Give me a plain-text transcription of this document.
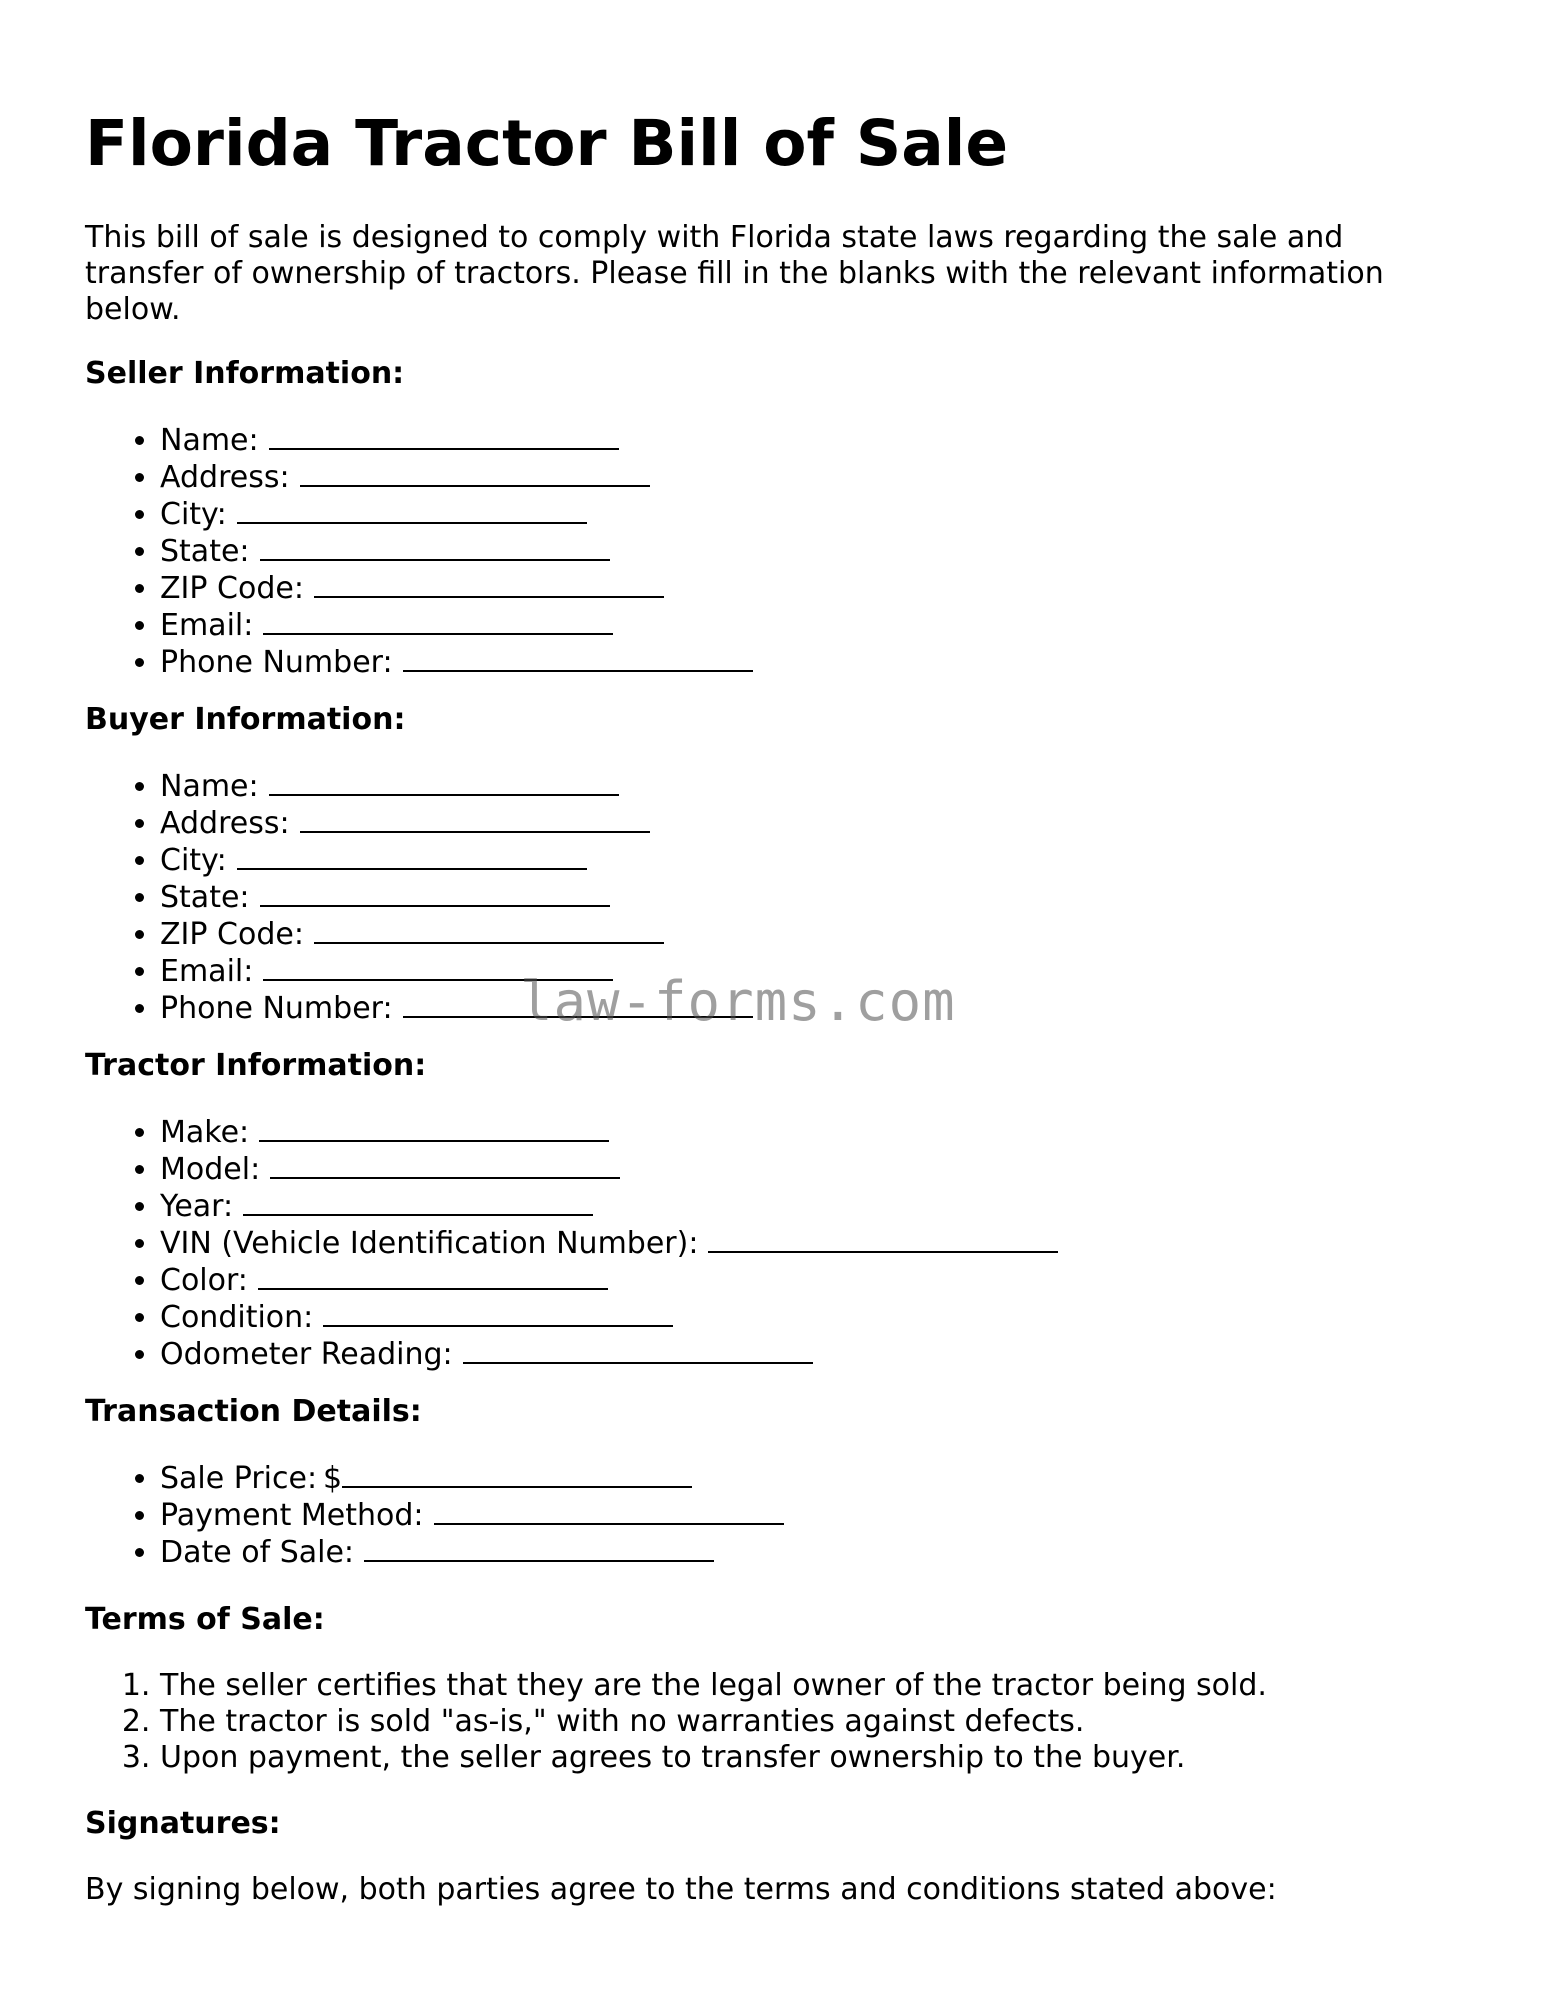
Florida Tractor Bill of Sale

This bill of sale is designed to comply with Florida state laws regarding the sale and transfer of ownership of tractors. Please fill in the blanks with the relevant information below.

Seller Information:

• Name:
• Address:
• City:
• State:
• ZIP Code:
• Email:
• Phone Number:

Buyer Information:

• Name:
• Address:
• City:
• State:
• ZIP Code:
• Email:
• Phone Number:

Tractor Information:

• Make:
• Model:
• Year:
• VIN (Vehicle Identification Number):
• Color:
• Condition:
• Odometer Reading:

Transaction Details:

• Sale Price: $
• Payment Method:
• Date of Sale:

Terms of Sale:

1. The seller certifies that they are the legal owner of the tractor being sold.
2. The tractor is sold "as-is," with no warranties against defects.
3. Upon payment, the seller agrees to transfer ownership to the buyer.

Signatures:

By signing below, both parties agree to the terms and conditions stated above:

law-forms.com
